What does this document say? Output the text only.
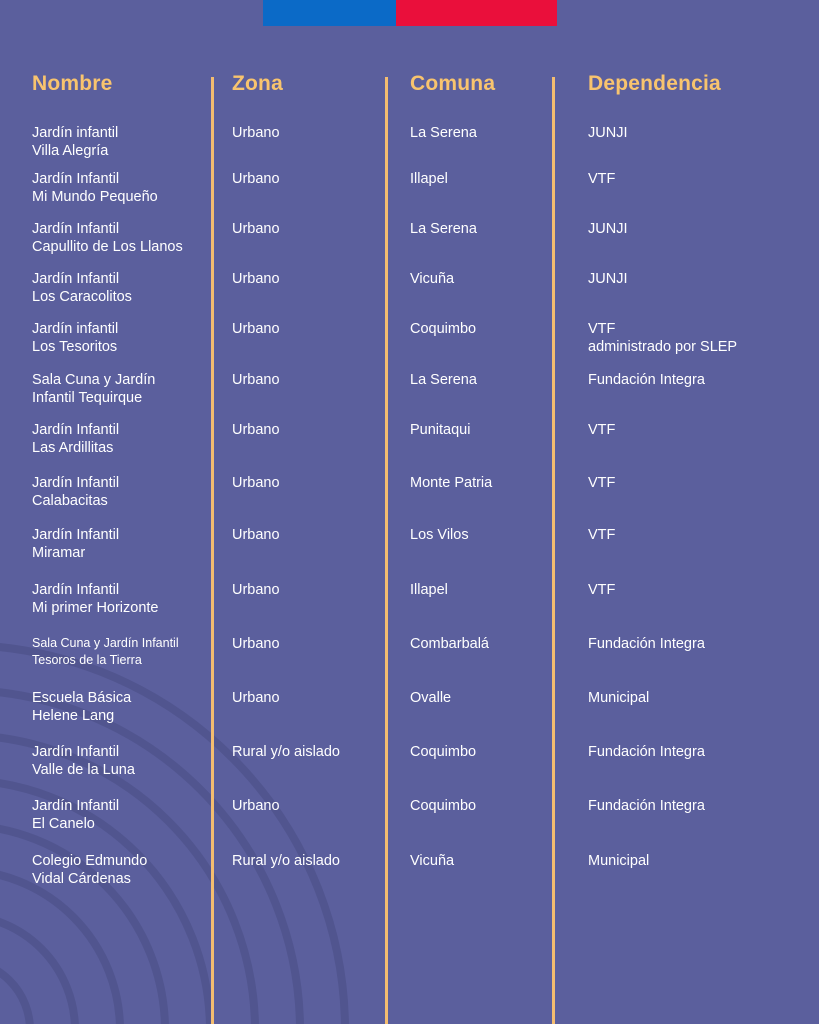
Nombre	Zona	Comuna	Dependencia
Jardín infantil
Villa Alegría
Urbano	La Serena	JUNJI
Jardín Infantil
Mi Mundo Pequeño
Urbano	Illapel	VTF
Jardín Infantil
Capullito de Los Llanos
Urbano	La Serena	JUNJI
Jardín Infantil
Los Caracolitos
Urbano	Vicuña	JUNJI
Jardín infantil
Los Tesoritos
Urbano	Coquimbo	VTF
administrado por SLEP
Sala Cuna y Jardín
Infantil Tequirque
Urbano	La Serena	Fundación Integra
Jardín Infantil
Las Ardillitas
Urbano	Punitaqui	VTF
Jardín Infantil
Calabacitas
Urbano	Monte Patria	VTF
Jardín Infantil
Miramar
Urbano	Los Vilos	VTF
Jardín Infantil
Mi primer Horizonte
Urbano	Illapel	VTF
Sala Cuna y Jardín Infantil
Tesoros de la Tierra
Urbano	Combarbalá	Fundación Integra
Escuela Básica
Helene Lang
Urbano	Ovalle	Municipal
Jardín Infantil
Valle de la Luna
Rural y/o aislado	Coquimbo	Fundación Integra
Jardín Infantil
El Canelo
Urbano	Coquimbo	Fundación Integra
Colegio Edmundo
Vidal Cárdenas
Rural y/o aislado	Vicuña	Municipal
